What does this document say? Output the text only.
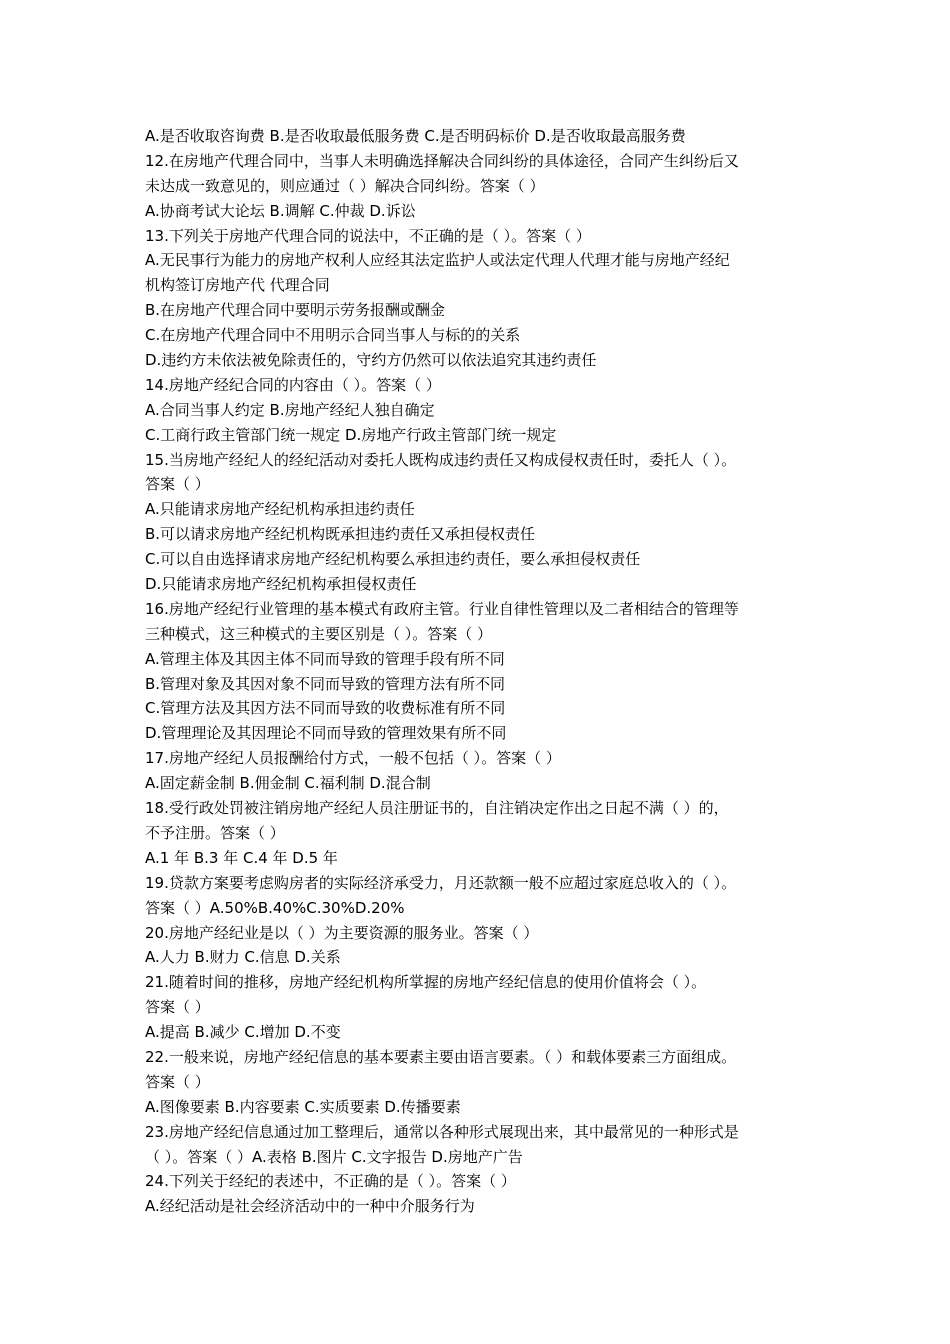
A.是否收取咨询费 B.是否收取最低服务费 C.是否明码标价 D.是否收取最高服务费
12.在房地产代理合同中，当事人未明确选择解决合同纠纷的具体途径，合同产生纠纷后又
未达成一致意见的，则应通过（ ）解决合同纠纷。答案（ ）
A.协商考试大论坛 B.调解 C.仲裁 D.诉讼
13.下列关于房地产代理合同的说法中，不正确的是（ ）。答案（ ）
A.无民事行为能力的房地产权利人应经其法定监护人或法定代理人代理才能与房地产经纪
机构签订房地产代 代理合同
B.在房地产代理合同中要明示劳务报酬或酬金
C.在房地产代理合同中不用明示合同当事人与标的的关系
D.违约方未依法被免除责任的，守约方仍然可以依法追究其违约责任
14.房地产经纪合同的内容由（ ）。答案（ ）
A.合同当事人约定 B.房地产经纪人独自确定
C.工商行政主管部门统一规定 D.房地产行政主管部门统一规定
15.当房地产经纪人的经纪活动对委托人既构成违约责任又构成侵权责任时，委托人（ ）。
答案（ ）
A.只能请求房地产经纪机构承担违约责任
B.可以请求房地产经纪机构既承担违约责任又承担侵权责任
C.可以自由选择请求房地产经纪机构要么承担违约责任，要么承担侵权责任
D.只能请求房地产经纪机构承担侵权责任
16.房地产经纪行业管理的基本模式有政府主管。行业自律性管理以及二者相结合的管理等
三种模式，这三种模式的主要区别是（ ）。答案（ ）
A.管理主体及其因主体不同而导致的管理手段有所不同
B.管理对象及其因对象不同而导致的管理方法有所不同
C.管理方法及其因方法不同而导致的收费标准有所不同
D.管理理论及其因理论不同而导致的管理效果有所不同
17.房地产经纪人员报酬给付方式，一般不包括（ ）。答案（ ）
A.固定薪金制 B.佣金制 C.福利制 D.混合制
18.受行政处罚被注销房地产经纪人员注册证书的，自注销决定作出之日起不满（ ）的，
不予注册。答案（ ）
A.1 年 B.3 年 C.4 年 D.5 年
19.贷款方案要考虑购房者的实际经济承受力，月还款额一般不应超过家庭总收入的（ ）。
答案（ ）A.50%B.40%C.30%D.20%
20.房地产经纪业是以（ ）为主要资源的服务业。答案（ ）
A.人力 B.财力 C.信息 D.关系
21.随着时间的推移，房地产经纪机构所掌握的房地产经纪信息的使用价值将会（ ）。
答案（ ）
A.提高 B.减少 C.增加 D.不变
22.一般来说，房地产经纪信息的基本要素主要由语言要素。（ ）和载体要素三方面组成。
答案（ ）
A.图像要素 B.内容要素 C.实质要素 D.传播要素
23.房地产经纪信息通过加工整理后，通常以各种形式展现出来，其中最常见的一种形式是
（ ）。答案（ ）A.表格 B.图片 C.文字报告 D.房地产广告
24.下列关于经纪的表述中，不正确的是（ ）。答案（ ）
A.经纪活动是社会经济活动中的一种中介服务行为
